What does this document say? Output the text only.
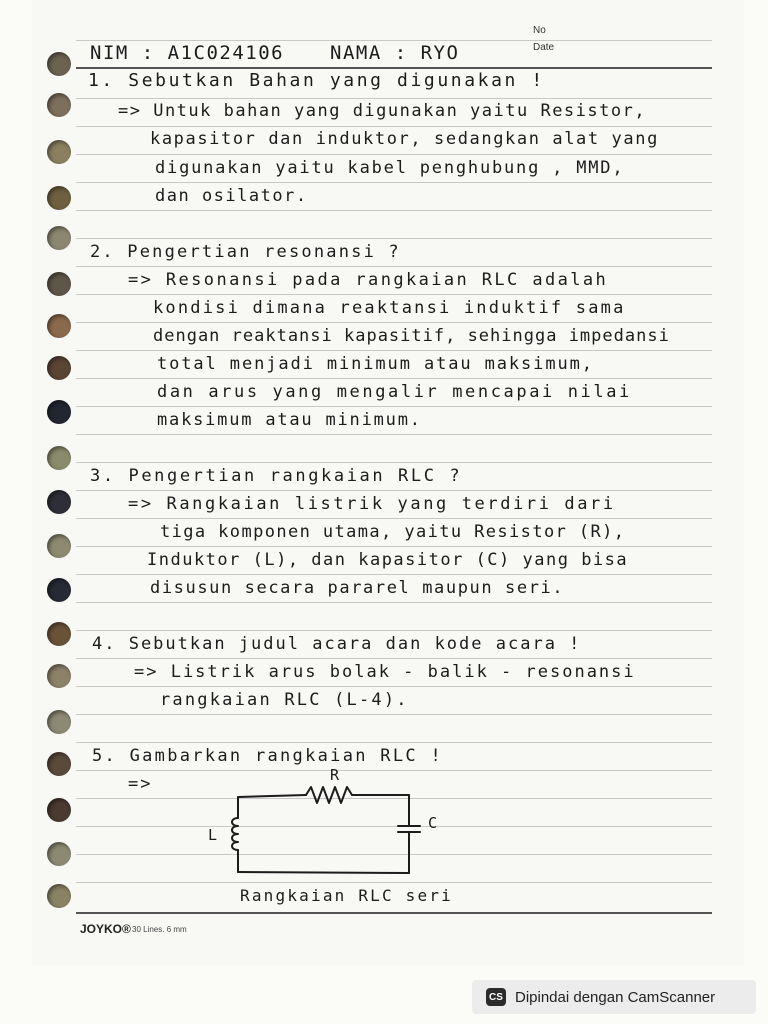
No
Date
NIM : A1C024106 NAMA : RYO
1. Sebutkan Bahan yang digunakan !
=> Untuk bahan yang digunakan yaitu Resistor,
kapasitor dan induktor, sedangkan alat yang
digunakan yaitu kabel penghubung , MMD,
dan osilator.
2. Pengertian resonansi ?
=> Resonansi pada rangkaian RLC adalah
kondisi dimana reaktansi induktif sama
dengan reaktansi kapasitif, sehingga impedansi
total menjadi minimum atau maksimum,
dan arus yang mengalir mencapai nilai
maksimum atau minimum.
3. Pengertian rangkaian RLC ?
=> Rangkaian listrik yang terdiri dari
tiga komponen utama, yaitu Resistor (R),
Induktor (L), dan kapasitor (C) yang bisa
disusun secara pararel maupun seri.
4. Sebutkan judul acara dan kode acara !
=> Listrik arus bolak - balik - resonansi
rangkaian RLC (L-4).
5. Gambarkan rangkaian RLC !
=>	R
L
C
Rangkaian RLC seri
JOYKO® 30 Lines. 6 mm
CS Dipindai dengan CamScanner
